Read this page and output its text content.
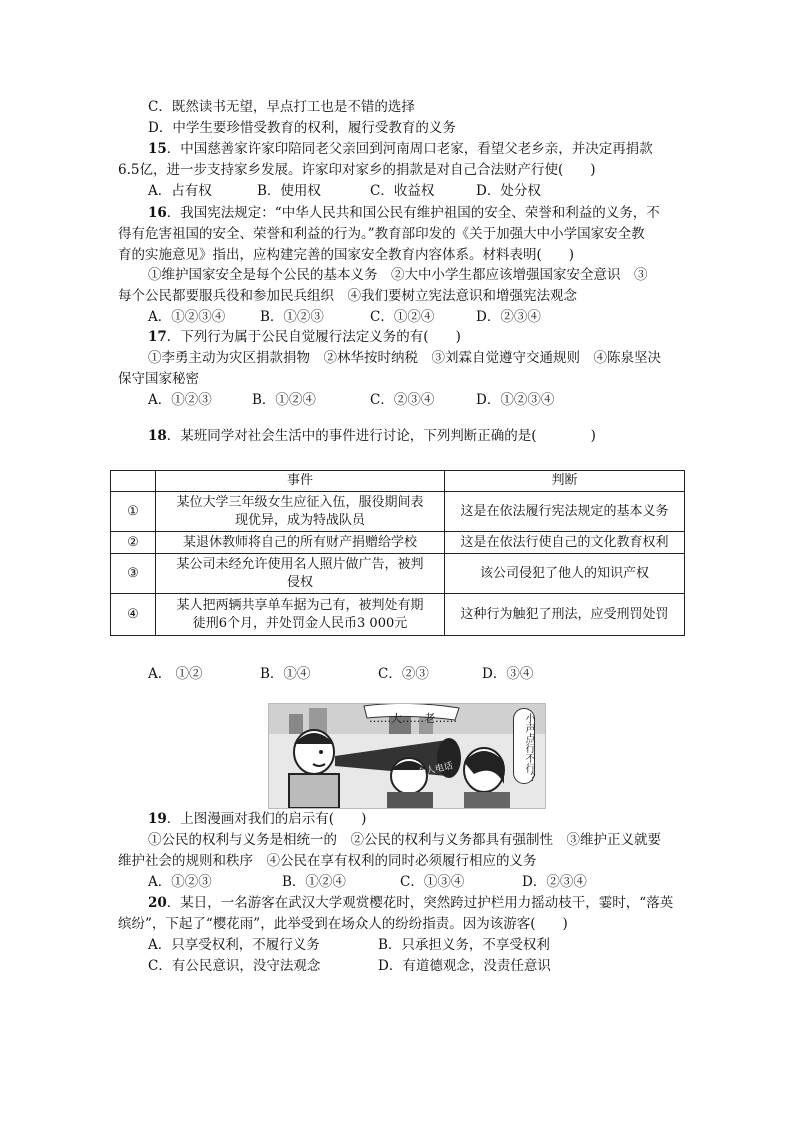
C．既然读书无望，早点打工也是不错的选择
D．中学生要珍惜受教育的权利，履行受教育的义务
15．中国慈善家许家印陪同老父亲回到河南周口老家，看望父老乡亲，并决定再捐款
6.5亿，进一步支持家乡发展。许家印对家乡的捐款是对自己合法财产行使(　　)
A．占有权	B．使用权	C．收益权	D．处分权
16．我国宪法规定：“中华人民共和国公民有维护祖国的安全、荣誉和利益的义务，不
得有危害祖国的安全、荣誉和利益的行为。”教育部印发的《关于加强大中小学国家安全教
育的实施意见》指出，应构建完善的国家安全教育内容体系。材料表明(　　)
①维护国家安全是每个公民的基本义务　②大中小学生都应该增强国家安全意识　③
每个公民都要服兵役和参加民兵组织　④我们要树立宪法意识和增强宪法观念
A．①②③④	B．①②③	C．①②④	D．②③④
17．下列行为属于公民自觉履行法定义务的有(　　)
①李勇主动为灾区捐款捐物　②林华按时纳税　③刘霖自觉遵守交通规则　④陈泉坚决
保守国家秘密
A．①②③	B．①②④	C．②③④	D．①②③④
18．某班同学对社会生活中的事件进行讨论，下列判断正确的是(　　　　)
	事件	判断
①	某位大学三年级女生应征入伍，服役期间表
现优异，成为特战队员	这是在依法履行宪法规定的基本义务
②	某退休教师将自己的所有财产捐赠给学校	这是在依法行使自己的文化教育权利
③	某公司未经允许使用名人照片做广告，被判
侵权	该公司侵犯了他人的知识产权
④	某人把两辆共享单车据为己有，被判处有期
徒刑6个月，并处罚金人民币3 000元	这种行为触犯了刑法，应受刑罚处罚
A.　①②	B．①④	C．②③	D．③④
……大……老……
个人电话	小声点行不行？
19．上图漫画对我们的启示有(　　)
①公民的权利与义务是相统一的　②公民的权利与义务都具有强制性　③维护正义就要
维护社会的规则和秩序　④公民在享有权利的同时必须履行相应的义务
A．①②③	B．①②④	C．①③④	D．②③④
20．某日，一名游客在武汉大学观赏樱花时，突然跨过护栏用力摇动枝干，霎时，“落英
缤纷”，下起了“樱花雨”，此举受到在场众人的纷纷指责。因为该游客(　　)
A．只享受权利，不履行义务	B．只承担义务，不享受权利
C．有公民意识，没守法观念	D．有道德观念，没责任意识
